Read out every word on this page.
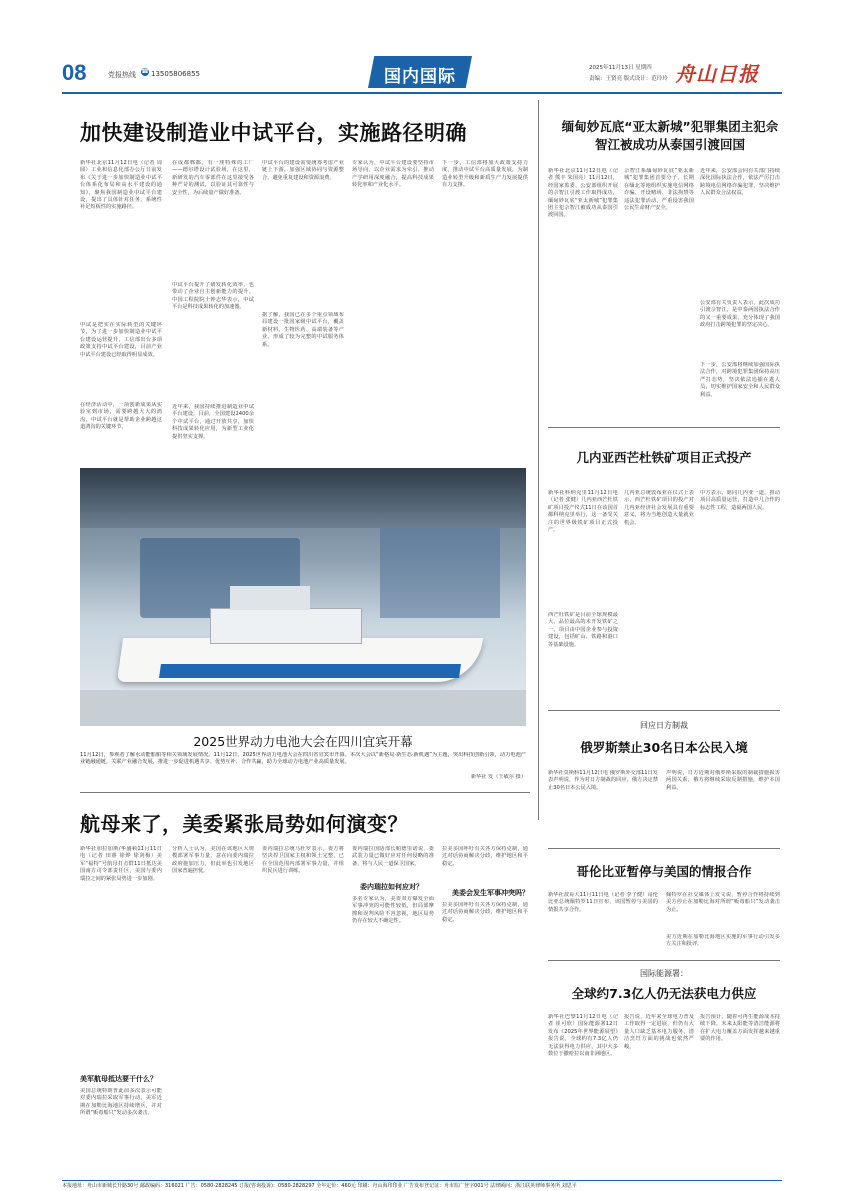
08	党报热线 ☎ 13505806855	国内国际	2025年11月13日 星期四
责编：王贤亮 版式设计：范玲玲 舟山日报
加快建设制造业中试平台，实施路径明确
新华社北京11月12日电（记者 周圆）工业和信息化部办公厅日前发布《关于进一步加快制造业中试平台体系化布局和高水平建设的通知》，聚焦我国制造业中试平台建设，提出了具体针对任务，系统性补足短板性的实施路径。
中试是把实在实际转型的关键环节，为了进一步加快制造业中试平台建设运营提升，工信部出台多项政策支持中试平台建设，目前产业中试平台建设已经取得明显成效。
在经济活动中，一项创新成果从实验室到市场，需要跨越大大的鸿沟，中试平台就是帮助企业跨越这道鸿沟的关键环节。
在成都郫都，有一座特殊的工厂——德尔塔设计试验场，在这里，新研发的汽车零部件在这里接受各种严苛的测试，以验证其可靠性与安全性，为后续量产做好准备。
中试平台提升了研发转化效率，也带动了企业自主创新能力的提升。中国工程院院士钟志华表示，中试平台是科技成果转化的加速器。
近年来，我国持续推进制造业中试平台建设，目前，全国建设2400余个中试平台，通过开放共享，加快科技成果转化应用，为新型工业化提供坚实支撑。
中试平台的建设需要统筹考虑产业链上下游，加强区域协同与资源整合，避免重复建设和资源浪费。
据了解，我国已在多个重点领域布局建设一批国家级中试平台，覆盖新材料、生物医药、高端装备等产业，形成了较为完整的中试服务体系。
专家认为，中试平台建设要坚持市场导向，以企业需求为牵引，推动产学研用深度融合，提高科技成果转化率和产业化水平。
下一步，工信部将加大政策支持力度，推动中试平台高质量发展，为制造业转型升级和新质生产力发展提供有力支撑。
2025世界动力电池大会在四川宜宾开幕
11月12日，参观者了解水动能船舶等相关领域发展情况。11月12日，2025世界动力电池大会在四川省宜宾市开幕。本次大会以“新格局·新生态·新机遇”为主题，突出科技创新引领，动力电池产业链融通链，关联产业融合发展，推进一步促进机遇共享、优势互补、合作共赢，助力全球动力电池产业高质量发展。
新华社 发（王敏尔 摄）
航母来了，美委紧张局势如何演变？
新华社加拉加斯/华盛顿11月11日电（记者 田睿 徐烨 徐剑梅）美军“福特”号航母打击群11日抵达美国南方司令部责任区，美国与委内瑞拉之间的紧张局势进一步加剧。
美军航母抵达要干什么？
美国总统特朗普此前多次表示可能对委内瑞拉采取军事行动，美军近期在加勒比海地区持续增兵，并对所谓“贩毒船只”发动多次袭击。
分析人士认为，美国在该地区大规模部署军事力量，意在向委内瑞拉政府施加压力，但此举也引发地区国家普遍担忧。
委内瑞拉总统马杜罗表示，委方将坚决捍卫国家主权和领土完整，已在全国范围内部署军事力量，并组织民兵进行训练。
委内瑞拉国防部长帕德里诺说，委武装力量已做好应对任何侵略的准备，将与人民一道保卫国家。
委内瑞拉如何应对？
多名专家认为，美委双方爆发全面军事冲突的可能性较低，但局部摩擦和误判风险不容忽视，地区局势仍存在较大不确定性。
拉美多国呼吁有关各方保持克制，通过对话协商解决分歧，维护地区和平稳定。
美委会发生军事冲突吗？
拉美多国呼吁有关各方保持克制，通过对话协商解决分歧，维护地区和平稳定。
缅甸妙瓦底“亚太新城”犯罪集团主犯佘智江被成功从泰国引渡回国
新华社北京11月12日电（记者 熊丰 朱国亮）11月12日，经国家监委、公安部组织开展的佘智江引渡工作取得成功，缅甸妙瓦底“亚太新城”犯罪集团主犯佘智江被成功从泰国引渡回国。
佘智江系缅甸妙瓦底“亚太新城”犯罪集团首要分子，长期在缅北等地组织实施电信网络诈骗、开设赌场、非法拘禁等违法犯罪活动，严重侵害我国公民生命财产安全。
近年来，公安部会同有关部门持续深化国际执法合作，依法严厉打击跨境电信网络诈骗犯罪，坚决维护人民群众合法权益。
公安部有关负责人表示，此次成功引渡佘智江，是中泰两国执法合作的又一重要成果，充分体现了我国政府打击跨境犯罪的坚定决心。
下一步，公安部将继续加强国际执法合作，对跨境犯罪集团保持高压严打态势，坚决依法追捕在逃人员，切实维护国家安全和人民群众利益。
几内亚西芒杜铁矿项目正式投产
新华社科纳克里11月12日电（记者 张健）几内亚西芒杜铁矿项目投产仪式11日在该国首都科纳克里举行，这一备受关注的世界级铁矿项目正式投产。
西芒杜铁矿是目前全球规模最大、品位最高的未开发铁矿之一，项目由中国企业参与投资建设，包括矿山、铁路和港口等基础设施。
几内亚总统敦布亚在仪式上表示，西芒杜铁矿项目的投产对几内亚经济社会发展具有重要意义，将为当地创造大量就业机会。
中方表示，愿同几内亚一道，推动项目高质量运营，打造中几合作的标志性工程，造福两国人民。
回应日方制裁
俄罗斯禁止30名日本公民入境
新华社莫斯科11月12日电 俄罗斯外交部11日发表声明说，作为对日方制裁的回应，俄方决定禁止30名日本公民入境。
声明说，日方近期对俄罗斯采取的制裁措施损害两国关系，俄方将继续采取反制措施，维护本国利益。
哥伦比亚暂停与美国的情报合作
新华社波哥大11月11日电（记者 李子健）哥伦比亚总统佩特罗11日宣布，该国暂停与美国的情报共享合作。
佩特罗在社交媒体上发文说，暂停合作将持续到美方停止在加勒比海对所谓“贩毒船只”发动袭击为止。
美方近期在加勒比海地区实施的军事行动引发多方关注和批评。
国际能源署：
全球约7.3亿人仍无法获电力供应
新华社巴黎11月12日电（记者 崔可欣）国际能源署12日发布《2025年世界能源展望》报告说，全球约有7.3亿人仍无法获得电力供应，其中大多数位于撒哈拉以南非洲地区。
报告说，近年来全球电力普及工作取得一定进展，但仍有大量人口缺乏基本电力服务，清洁烹饪方面的挑战也依然严峻。
报告预计，随着可再生能源成本持续下降，未来太阳能等清洁能源将在扩大电力覆盖方面发挥越来越重要的作用。
本报地址：舟山市新城长升路30号 邮政编码：316021 广告：0580-2828245 订报(咨询投诉)：0580-2828297 全年定价：460元 印刷：舟山海印印业 广告发布登记证：舟市监广登字001号 法律顾问：浙江联英律师事务所 刘思平
